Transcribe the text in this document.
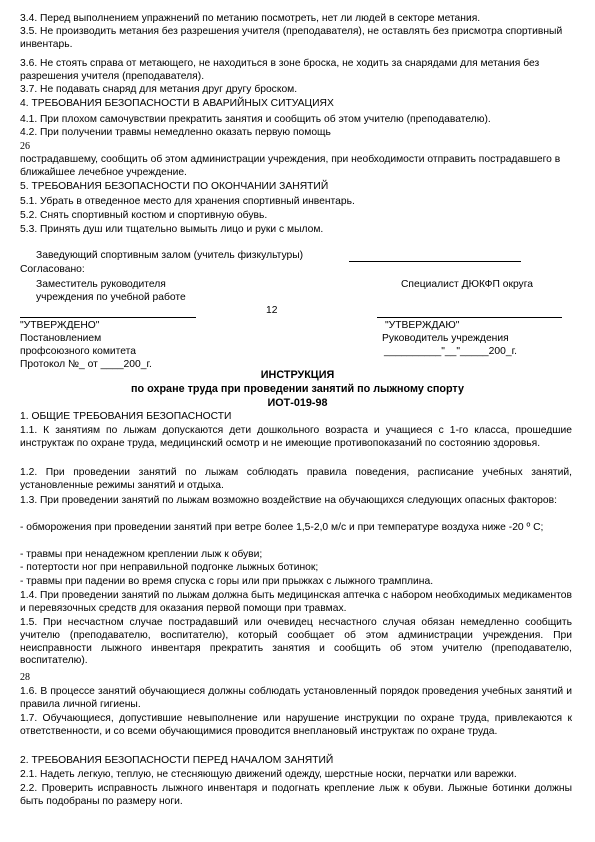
3.4. Перед выполнением упражнений по метанию посмотреть, нет ли людей в секторе метания.
3.5. Не производить метания без разрешения учителя (преподавателя), не оставлять без присмотра спортивный инвентарь.
3.6. Не стоять справа от метающего, не находиться в зоне броска, не ходить за снарядами для метания без разрешения учителя (преподавателя).
3.7. Не подавать снаряд для метания друг другу броском.
4. ТРЕБОВАНИЯ БЕЗОПАСНОСТИ В АВАРИЙНЫХ СИТУАЦИЯХ
4.1. При плохом самочувствии прекратить занятия и сообщить об этом учителю (преподавателю).
4.2. При получении травмы немедленно оказать первую помощь
26
пострадавшему, сообщить об этом администрации учреждения, при необходимости отправить пострадавшего в ближайшее лечебное учреждение.
5. ТРЕБОВАНИЯ БЕЗОПАСНОСТИ ПО ОКОНЧАНИИ ЗАНЯТИЙ
5.1. Убрать в отведенное место для хранения спортивный инвентарь.
5.2. Снять спортивный костюм и спортивную обувь.
5.3. Принять душ или тщательно вымыть лицо и руки с мылом.
Заведующий спортивным залом (учитель физкультуры)
Согласовано:
Заместитель руководителя
учреждения по учебной работе
Специалист ДЮКФП округа
12
"УТВЕРЖДЕНО"
Постановлением
профсоюзного комитета
Протокол №_ от ____200_г.
"УТВЕРЖДАЮ"
Руководитель учреждения
__________"__"_____200_г.
ИНСТРУКЦИЯ
по охране труда при проведении занятий по лыжному спорту
ИОТ-019-98
1. ОБЩИЕ ТРЕБОВАНИЯ БЕЗОПАСНОСТИ
1.1. К занятиям по лыжам допускаются дети дошкольного возраста и учащиеся с 1-го класса, прошедшие инструктаж по охране труда, медицинский осмотр и не имеющие противопоказаний по состоянию здоровья.
1.2. При проведении занятий по лыжам соблюдать правила поведения, расписание учебных занятий, установленные режимы занятий и отдыха.
1.3. При проведении занятий по лыжам возможно воздействие на обучающихся следующих опасных факторов:
- обморожения при проведении занятий при ветре более 1,5-2,0 м/с и при температуре воздуха ниже -20 º С;
- травмы при ненадежном креплении лыж к обуви;
- потертости ног при неправильной подгонке лыжных ботинок;
- травмы при падении во время спуска с горы или при прыжках с лыжного трамплина.
1.4. При проведении занятий по лыжам должна быть медицинская аптечка с набором необходимых медикаментов и перевязочных средств для оказания первой помощи при травмах.
1.5. При несчастном случае пострадавший или очевидец несчастного случая обязан немедленно сообщить учителю (преподавателю, воспитателю), который сообщает об этом администрации учреждения. При неисправности лыжного инвентаря прекратить занятия и сообщить об этом учителю (преподавателю, воспитателю).
28
1.6. В процессе занятий обучающиеся должны соблюдать установленный порядок проведения учебных занятий и правила личной гигиены.
1.7. Обучающиеся, допустившие невыполнение или нарушение инструкции по охране труда, привлекаются к ответственности, и со всеми обучающимися проводится внеплановый инструктаж по охране труда.
2. ТРЕБОВАНИЯ БЕЗОПАСНОСТИ ПЕРЕД НАЧАЛОМ ЗАНЯТИЙ
2.1. Надеть легкую, теплую, не стесняющую движений одежду, шерстные носки, перчатки или варежки.
2.2. Проверить исправность лыжного инвентаря и подогнать крепление лыж к обуви. Лыжные ботинки должны быть подобраны по размеру ноги.
